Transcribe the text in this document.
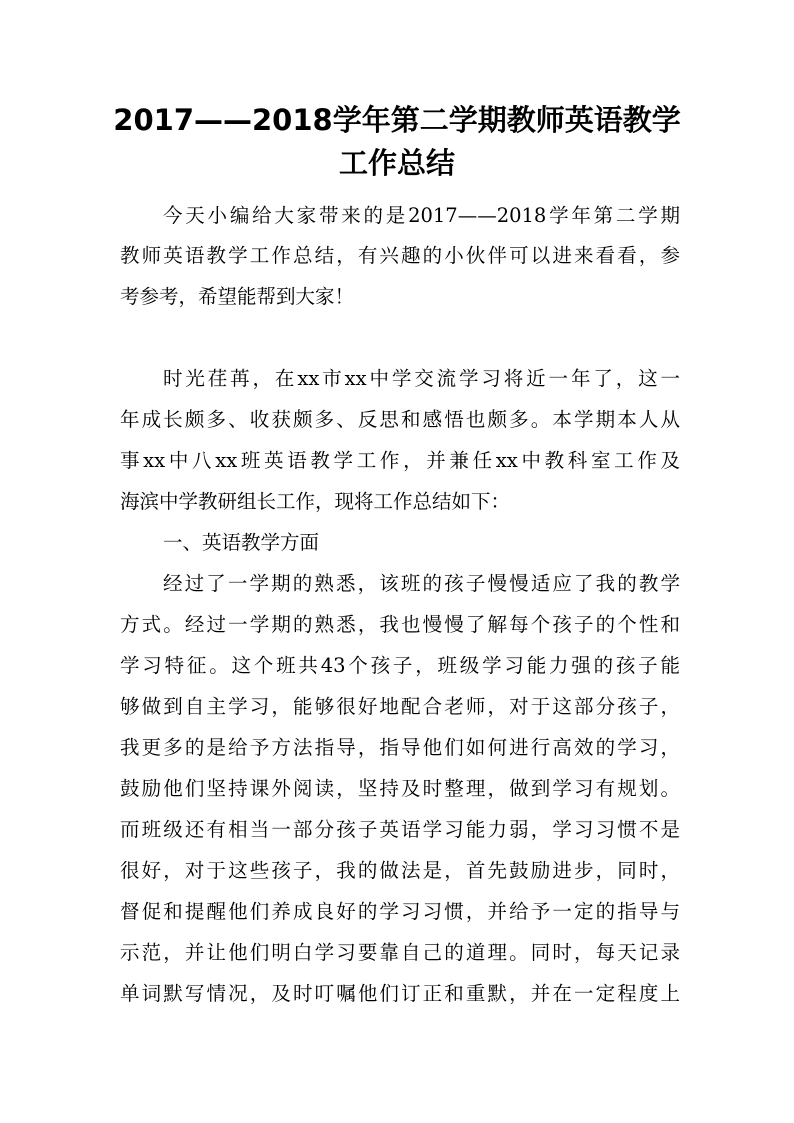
2017——2018学年第二学期教师英语教学
工作总结
今天小编给大家带来的是2017——2018学年第二学期
教师英语教学工作总结，有兴趣的小伙伴可以进来看看，参
考参考，希望能帮到大家！
时光荏苒，在xx市xx中学交流学习将近一年了，这一
年成长颇多、收获颇多、反思和感悟也颇多。本学期本人从
事xx中八xx班英语教学工作，并兼任xx中教科室工作及
海滨中学教研组长工作，现将工作总结如下：
一、英语教学方面
经过了一学期的熟悉，该班的孩子慢慢适应了我的教学
方式。经过一学期的熟悉，我也慢慢了解每个孩子的个性和
学习特征。这个班共43个孩子，班级学习能力强的孩子能
够做到自主学习，能够很好地配合老师，对于这部分孩子，
我更多的是给予方法指导，指导他们如何进行高效的学习，
鼓励他们坚持课外阅读，坚持及时整理，做到学习有规划。
而班级还有相当一部分孩子英语学习能力弱，学习习惯不是
很好，对于这些孩子，我的做法是，首先鼓励进步，同时，
督促和提醒他们养成良好的学习习惯，并给予一定的指导与
示范，并让他们明白学习要靠自己的道理。同时，每天记录
单词默写情况，及时叮嘱他们订正和重默，并在一定程度上
